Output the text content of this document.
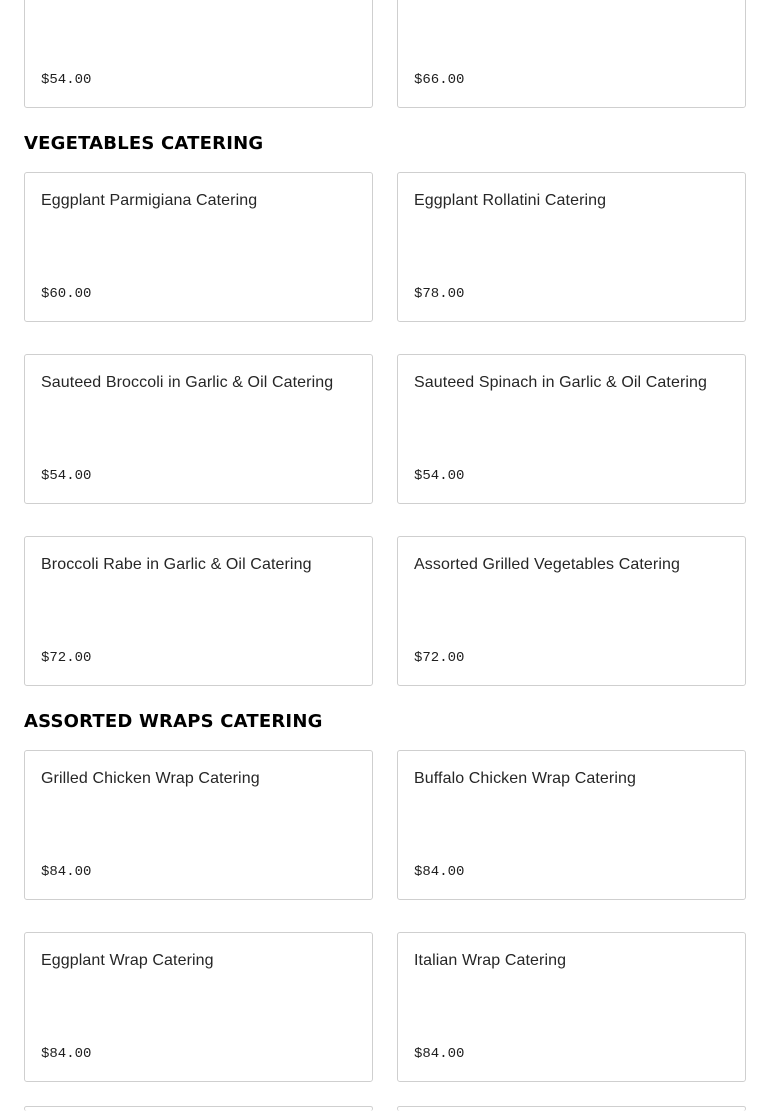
$54.00	$66.00
VEGETABLES CATERING
Eggplant Parmigiana Catering
$60.00
Eggplant Rollatini Catering
$78.00
Sauteed Broccoli in Garlic & Oil Catering
$54.00
Sauteed Spinach in Garlic & Oil Catering
$54.00
Broccoli Rabe in Garlic & Oil Catering
$72.00
Assorted Grilled Vegetables Catering
$72.00
ASSORTED WRAPS CATERING
Grilled Chicken Wrap Catering
$84.00
Buffalo Chicken Wrap Catering
$84.00
Eggplant Wrap Catering
$84.00
Italian Wrap Catering
$84.00
